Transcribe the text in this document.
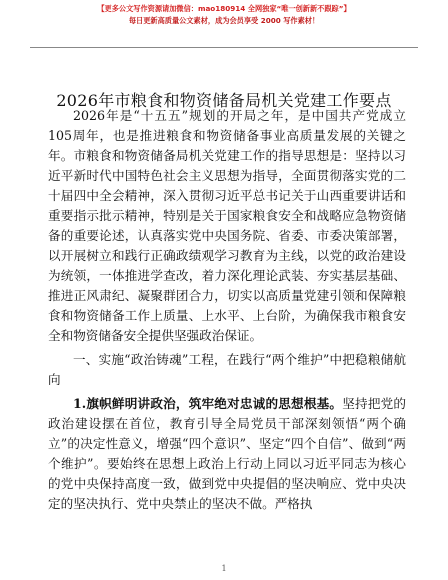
【更多公文写作资源请加微信：mao180914 全网独家“唯一创新新不跟踪”】
每日更新高质量公文素材，成为会员享受 2000 写作素材！
2026年市粮食和物资储备局机关党建工作要点

2026年是“十五五”规划的开局之年，是中国共产党成立105周年，也是推进粮食和物资储备事业高质量发展的关键之年。市粮食和物资储备局机关党建工作的指导思想是：坚持以习近平新时代中国特色社会主义思想为指导，全面贯彻落实党的二十届四中全会精神，深入贯彻习近平总书记关于山西重要讲话和重要指示批示精神，特别是关于国家粮食安全和战略应急物资储备的重要论述，认真落实党中央国务院、省委、市委决策部署，以开展树立和践行正确政绩观学习教育为主线，以党的政治建设为统领，一体推进学查改，着力深化理论武装、夯实基层基础、推进正风肃纪、凝聚群团合力，切实以高质量党建引领和保障粮食和物资储备工作上质量、上水平、上台阶，为确保我市粮食安全和物资储备安全提供坚强政治保证。

一、实施“政治铸魂”工程，在践行“两个维护”中把稳粮储航向

1.旗帜鲜明讲政治，筑牢绝对忠诚的思想根基。坚持把党的政治建设摆在首位，教育引导全局党员干部深刻领悟“两个确立”的决定性意义，增强“四个意识”、坚定“四个自信”、做到“两个维护”。要始终在思想上政治上行动上同以习近平同志为核心的党中央保持高度一致，做到党中央提倡的坚决响应、党中央决定的坚决执行、党中央禁止的坚决不做。严格执

1
